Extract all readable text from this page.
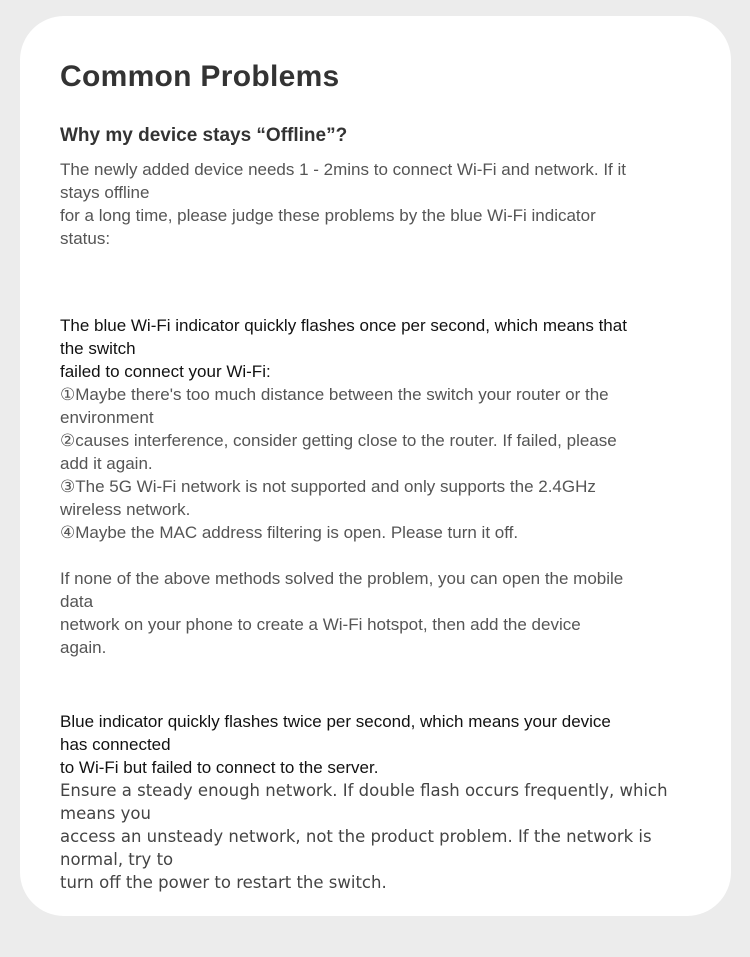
Common Problems
Why my device stays “Offline”?
The newly added device needs 1 - 2mins to connect Wi-Fi and network. If it
stays offline
for a long time, please judge these problems by the blue Wi-Fi indicator
status:
The blue Wi-Fi indicator quickly flashes once per second, which means that
the switch
failed to connect your Wi-Fi:
①Maybe there's too much distance between the switch your router or the
environment
②causes interference, consider getting close to the router. If failed, please
add it again.
③The 5G Wi-Fi network is not supported and only supports the 2.4GHz
wireless network.
④Maybe the MAC address filtering is open. Please turn it off.
If none of the above methods solved the problem, you can open the mobile
data
network on your phone to create a Wi-Fi hotspot, then add the device
again.
Blue indicator quickly flashes twice per second, which means your device
has connected
to Wi-Fi but failed to connect to the server.
Ensure a steady enough network. If double flash occurs frequently, which
means you
access an unsteady network, not the product problem. If the network is
normal, try to
turn off the power to restart the switch.
